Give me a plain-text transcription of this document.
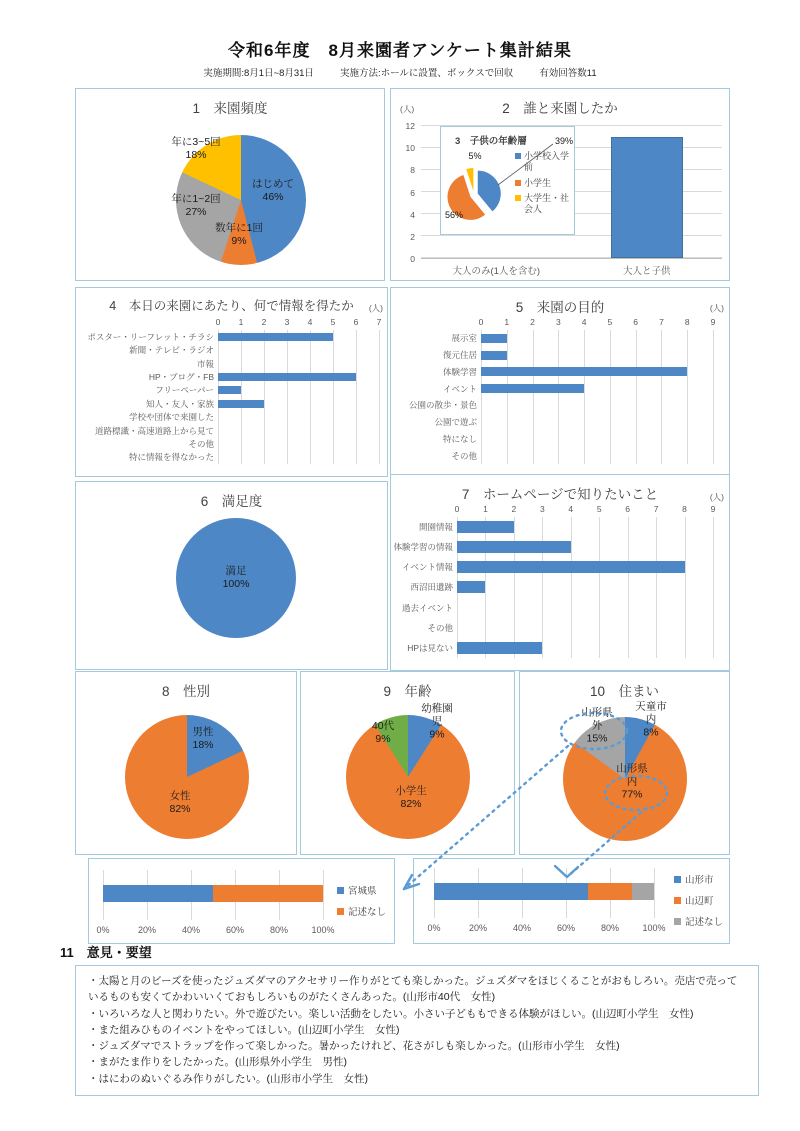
令和6年度　8月来園者アンケート集計結果
実施期間:8月1日~8月31日	実施方法:ホールに設置、ボックスで回収	有効回答数11
1　来園頻度
はじめて
46%
数年に1回
9%
年に1~2回
27%
年に3~5回
18%
2　誰と来園したか
(人)
0
2
4
6
8
10
12
大人のみ(1人を含む)	大人と子供
3　子供の年齢層	39%
5%
56%
小学校入学前
小学生
大学生・社会人
4　本日の来園にあたり、何で情報を得たか	(人)
ポスター・リーフレット・チラシ
新聞・テレビ・ラジオ
市報
HP・ブログ・FB
フリーペーパー
知人・友人・家族
学校や団体で来園した
道路標識・高速道路上から見て
その他
特に情報を得なかった
0 1 2 3 4 5 6 7
5　来園の目的	(人)
展示室
復元住居
体験学習
イベント
公園の散歩・景色
公園で遊ぶ
特になし
その他
0 1 2 3 4 5 6 7 8 9
6　満足度
満足
100%
7　ホームページで知りたいこと	(人)
開園情報
体験学習の情報
イベント情報
西沼田遺跡
過去イベント
その他
HPは見ない
0	1	2	3	4	5	6	7	8	9
8　性別
男性
18%
女性
82%
9　年齢
幼稚園児
9%
小学生
82%
40代
9%
10　住まい
天童市内
8%
山形県内
77%
山形県外
15%
0%	20%	40%	60%	80%	100%
宮城県
記述なし
0%	20%	40%	60%	80%	100%
山形市
山辺町
記述なし
11　意見・要望

・太陽と月のビーズを使ったジュズダマのアクセサリー作りがとても楽しかった。ジュズダマをほじくることがおもしろい。売店で売っているものも安くてかわいいくておもしろいものがたくさんあった。(山形市40代　女性)

・いろいろな人と関わりたい。外で遊びたい。楽しい活動をしたい。小さい子どももできる体験がほしい。(山辺町小学生　女性)

・また組みひものイベントをやってほしい。(山辺町小学生　女性)

・ジュズダマでストラップを作って楽しかった。暑かったけれど、花さがしも楽しかった。(山形市小学生　女性)

・まがたま作りをしたかった。(山形県外小学生　男性)

・はにわのぬいぐるみ作りがしたい。(山形市小学生　女性)
